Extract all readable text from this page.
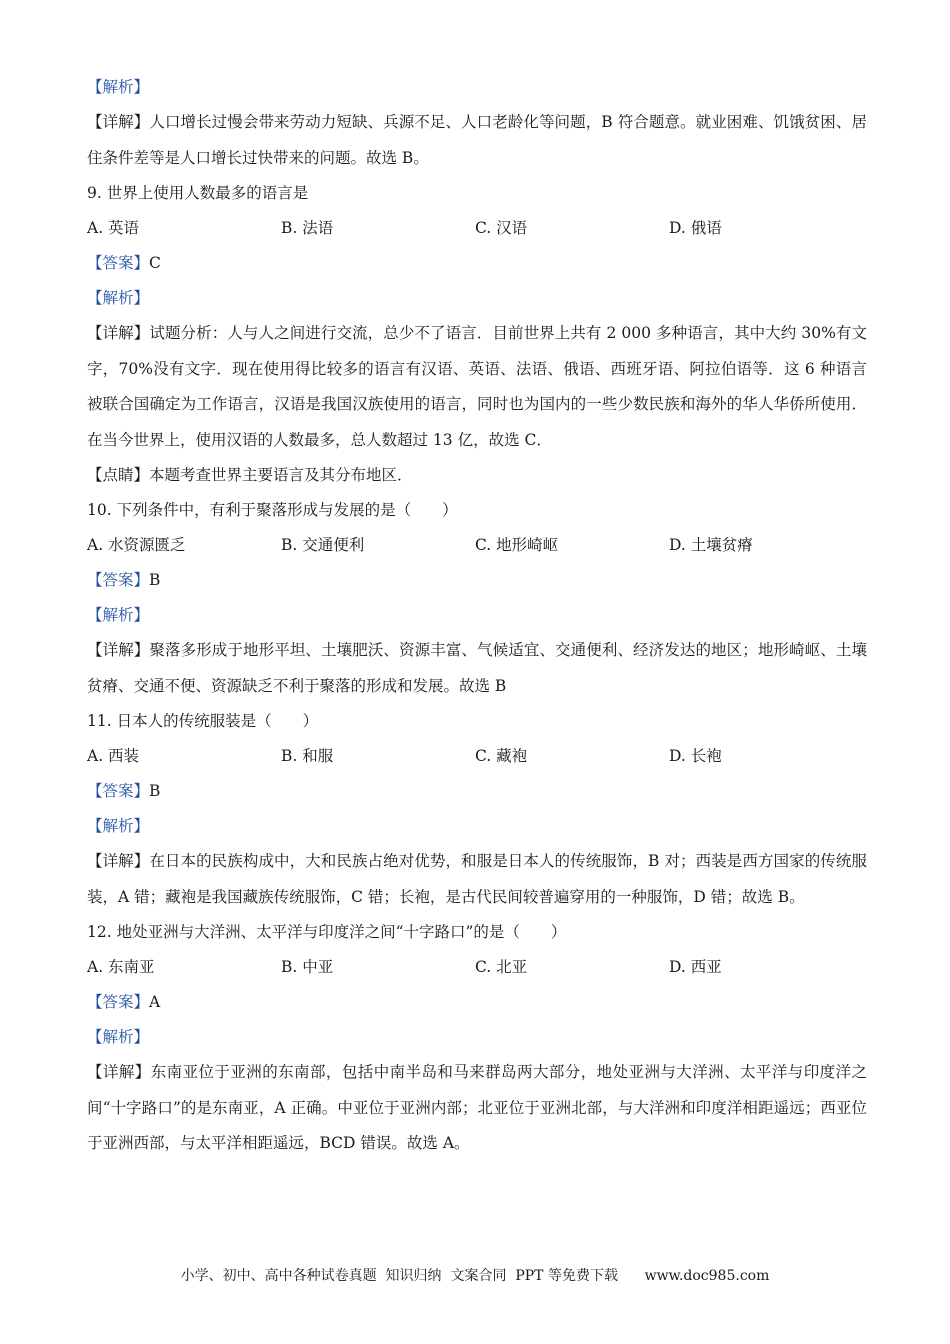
【解析】
【详解】人口增长过慢会带来劳动力短缺、兵源不足、人口老龄化等问题，B 符合题意。就业困难、饥饿贫困、居住条件差等是人口增长过快带来的问题。故选 B。
9. 世界上使用人数最多的语言是
A. 英语	B. 法语	C. 汉语	D. 俄语
【答案】C
【解析】
【详解】试题分析：人与人之间进行交流，总少不了语言．目前世界上共有 2 000 多种语言，其中大约 30%有文字，70%没有文字．现在使用得比较多的语言有汉语、英语、法语、俄语、西班牙语、阿拉伯语等．这 6 种语言被联合国确定为工作语言，汉语是我国汉族使用的语言，同时也为国内的一些少数民族和海外的华人华侨所使用．在当今世界上，使用汉语的人数最多，总人数超过 13 亿，故选 C．
【点睛】本题考查世界主要语言及其分布地区．
10. 下列条件中，有利于聚落形成与发展的是（　　）
A. 水资源匮乏	B. 交通便利	C. 地形崎岖	D. 土壤贫瘠
【答案】B
【解析】
【详解】聚落多形成于地形平坦、土壤肥沃、资源丰富、气候适宜、交通便利、经济发达的地区；地形崎岖、土壤贫瘠、交通不便、资源缺乏不利于聚落的形成和发展。故选 B
11. 日本人的传统服装是（　　）
A. 西装	B. 和服	C. 藏袍	D. 长袍
【答案】B
【解析】
【详解】在日本的民族构成中，大和民族占绝对优势，和服是日本人的传统服饰，B 对；西装是西方国家的传统服装，A 错；藏袍是我国藏族传统服饰，C 错；长袍，是古代民间较普遍穿用的一种服饰，D 错；故选 B。
12. 地处亚洲与大洋洲、太平洋与印度洋之间“十字路口”的是（　　）
A. 东南亚	B. 中亚	C. 北亚	D. 西亚
【答案】A
【解析】
【详解】东南亚位于亚洲的东南部，包括中南半岛和马来群岛两大部分，地处亚洲与大洋洲、太平洋与印度洋之间“十字路口”的是东南亚，A 正确。中亚位于亚洲内部；北亚位于亚洲北部，与大洋洲和印度洋相距遥远；西亚位于亚洲西部，与太平洋相距遥远，BCD 错误。故选 A。
小学、初中、高中各种试卷真题  知识归纳  文案合同  PPT 等免费下载 www.doc985.com
